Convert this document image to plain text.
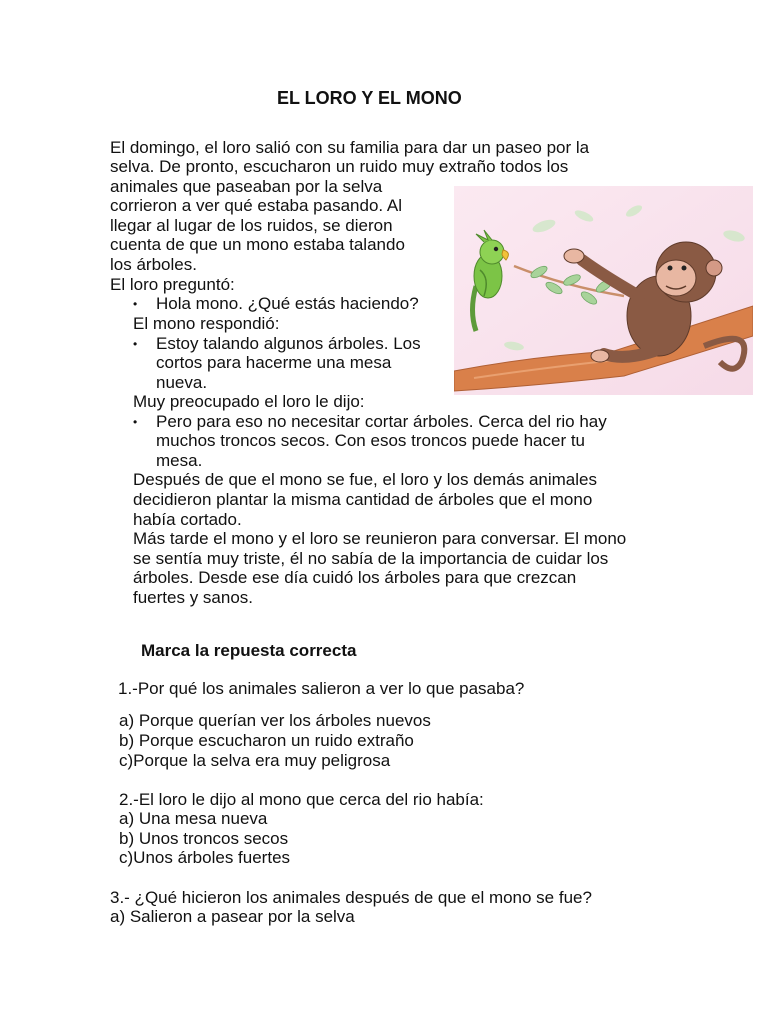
EL LORO Y EL MONO
El domingo, el loro salió con su familia para dar un paseo por la
selva. De pronto, escucharon un ruido muy extraño todos los
animales que paseaban por la selva
corrieron a ver qué estaba pasando. Al
llegar al lugar de los ruidos, se dieron
cuenta de que un mono estaba talando
los árboles.
El loro preguntó:
• Hola mono. ¿Qué estás haciendo?
El mono respondió:
• Estoy talando algunos árboles. Los
cortos para hacerme una mesa
nueva.
Muy preocupado el loro le dijo:
• Pero para eso no necesitar cortar árboles. Cerca del rio hay
muchos troncos secos. Con esos troncos puede hacer tu
mesa.
Después de que el mono se fue, el loro y los demás animales
decidieron plantar la misma cantidad de árboles que el mono
había cortado.
Más tarde el mono y el loro se reunieron para conversar. El mono
se sentía muy triste, él no sabía de la importancia de cuidar los
árboles. Desde ese día cuidó los árboles para que crezcan
fuertes y sanos.
Marca la repuesta correcta
1.-Por qué los animales salieron a ver lo que pasaba?
a) Porque querían ver los árboles nuevos
b) Porque escucharon un ruido extraño
c)Porque la selva era muy peligrosa
2.-El loro le dijo al mono que cerca del rio había:
a) Una mesa nueva
b) Unos troncos secos
c)Unos árboles fuertes
3.- ¿Qué hicieron los animales después de que el mono se fue?
a) Salieron a pasear por la selva
